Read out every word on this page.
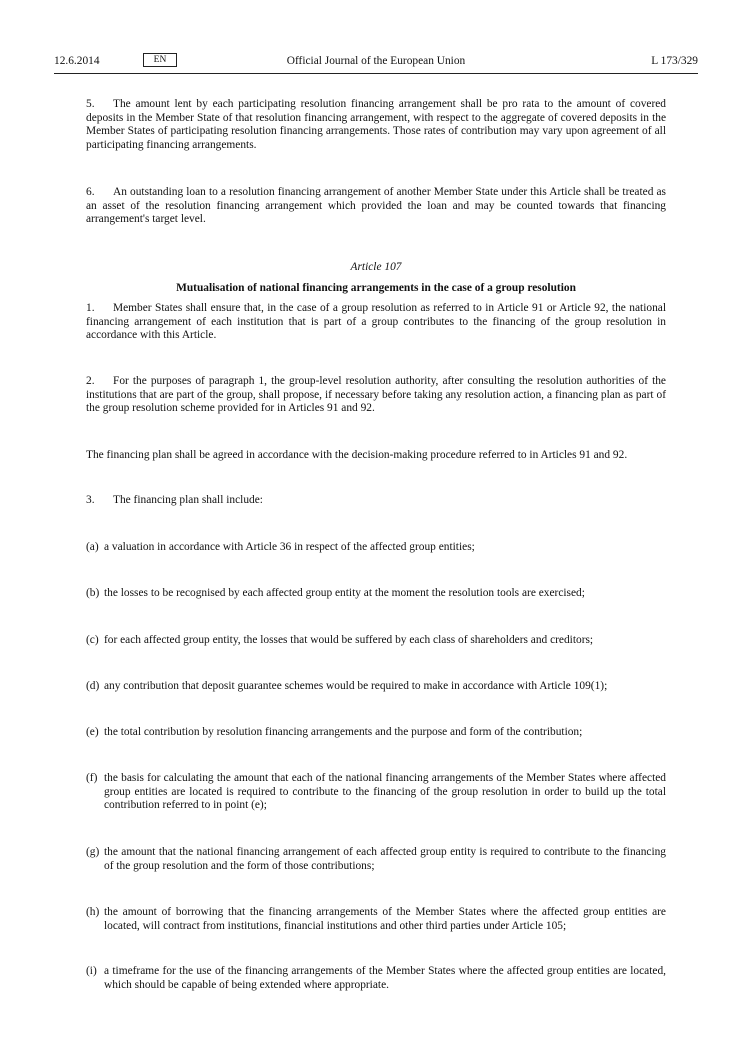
12.6.2014	EN	Official Journal of the European Union	L 173/329
5. The amount lent by each participating resolution financing arrangement shall be pro rata to the amount of covered deposits in the Member State of that resolution financing arrangement, with respect to the aggregate of covered deposits in the Member States of participating resolution financing arrangements. Those rates of contribution may vary upon agreement of all participating financing arrangements.
6. An outstanding loan to a resolution financing arrangement of another Member State under this Article shall be treated as an asset of the resolution financing arrangement which provided the loan and may be counted towards that financing arrangement's target level.
Article 107
Mutualisation of national financing arrangements in the case of a group resolution
1. Member States shall ensure that, in the case of a group resolution as referred to in Article 91 or Article 92, the national financing arrangement of each institution that is part of a group contributes to the financing of the group resolution in accordance with this Article.
2. For the purposes of paragraph 1, the group-level resolution authority, after consulting the resolution authorities of the institutions that are part of the group, shall propose, if necessary before taking any resolution action, a financing plan as part of the group resolution scheme provided for in Articles 91 and 92.
The financing plan shall be agreed in accordance with the decision-making procedure referred to in Articles 91 and 92.
3. The financing plan shall include:
(a) a valuation in accordance with Article 36 in respect of the affected group entities;
(b) the losses to be recognised by each affected group entity at the moment the resolution tools are exercised;
(c) for each affected group entity, the losses that would be suffered by each class of shareholders and creditors;
(d) any contribution that deposit guarantee schemes would be required to make in accordance with Article 109(1);
(e) the total contribution by resolution financing arrangements and the purpose and form of the contribution;
(f) the basis for calculating the amount that each of the national financing arrangements of the Member States where affected group entities are located is required to contribute to the financing of the group resolution in order to build up the total contribution referred to in point (e);
(g) the amount that the national financing arrangement of each affected group entity is required to contribute to the financing of the group resolution and the form of those contributions;
(h) the amount of borrowing that the financing arrangements of the Member States where the affected group entities are located, will contract from institutions, financial institutions and other third parties under Article 105;
(i) a timeframe for the use of the financing arrangements of the Member States where the affected group entities are located, which should be capable of being extended where appropriate.
